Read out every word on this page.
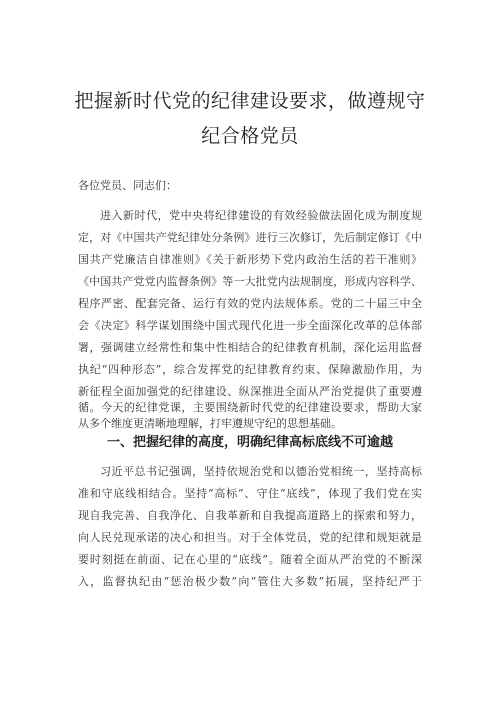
把握新时代党的纪律建设要求，做遵规守
纪合格党员
各位党员、同志们：
进入新时代，党中央将纪律建设的有效经验做法固化成为制度规
定，对《中国共产党纪律处分条例》进行三次修订，先后制定修订《中
国共产党廉洁自律准则》《关于新形势下党内政治生活的若干准则》
《中国共产党党内监督条例》等一大批党内法规制度，形成内容科学、
程序严密、配套完备、运行有效的党内法规体系。党的二十届三中全
会《决定》科学谋划围绕中国式现代化进一步全面深化改革的总体部
署，强调建立经常性和集中性相结合的纪律教育机制，深化运用监督
执纪“四种形态”，综合发挥党的纪律教育约束、保障激励作用，为
新征程全面加强党的纪律建设、纵深推进全面从严治党提供了重要遵
循。今天的纪律党课，主要围绕新时代党的纪律建设要求，帮助大家
一、把握纪律的高度，明确纪律高标底线不可逾越
习近平总书记强调，坚持依规治党和以德治党相统一，坚持高标
准和守底线相结合。坚持“高标”、守住“底线”，体现了我们党在实
现自我完善、自我净化、自我革新和自我提高道路上的探索和努力，
向人民兑现承诺的决心和担当。对于全体党员，党的纪律和规矩就是
要时刻挺在前面、记在心里的“底线”。随着全面从严治党的不断深
入，监督执纪由“惩治极少数”向“管住大多数”拓展，坚持纪严于
从多个维度更清晰地理解，打牢遵规守纪的思想基础。
